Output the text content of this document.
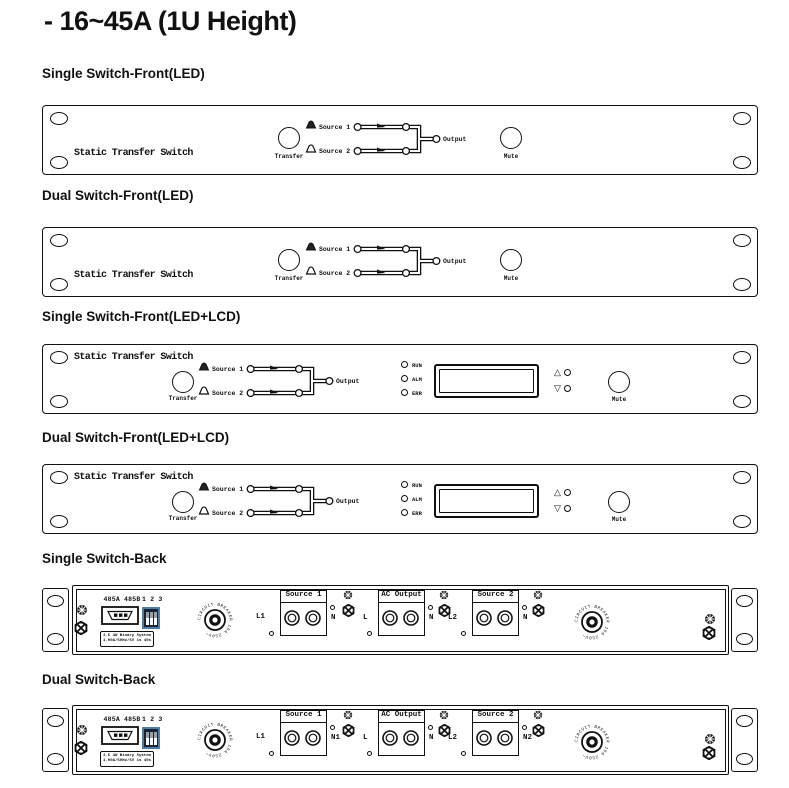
- 16~45A (1U Height)
Single Switch-Front(LED)
Dual Switch-Front(LED)
Single Switch-Front(LED+LCD)
Dual Switch-Front(LED+LCD)
Single Switch-Back
Dual Switch-Back
Static Transfer Switch	Transfer
Source 1
Source 2
Output
Mute
Static Transfer Switch	Transfer
Source 1
Source 2
Output
Mute
Static Transfer Switch
Transfer
Source 1
Source 2
Output
RUN
ALM
ERR
△
▽
Mute
Static Transfer Switch
Transfer
Source 1
Source 2
Output
RUN
ALM
ERR
△
▽
Mute
485A 485B 1 2 3
1.5 4W Binary System
1.00A/50Hz/5V 1s 40s
CIRCUIT BREAKER 16A 250V~
L1
Source 1
N	L
AC Output
N L2
Source 2
N	CIRCUIT BREAKER 16A 250V~
485A 485B 1 2 3
1.5 4W Binary System
1.00A/50Hz/5V 1s 40s
CIRCUIT BREAKER 16A 250V~
L1
Source 1
N1	L
AC Output
N L2
Source 2
N2	CIRCUIT BREAKER 16A 250V~
